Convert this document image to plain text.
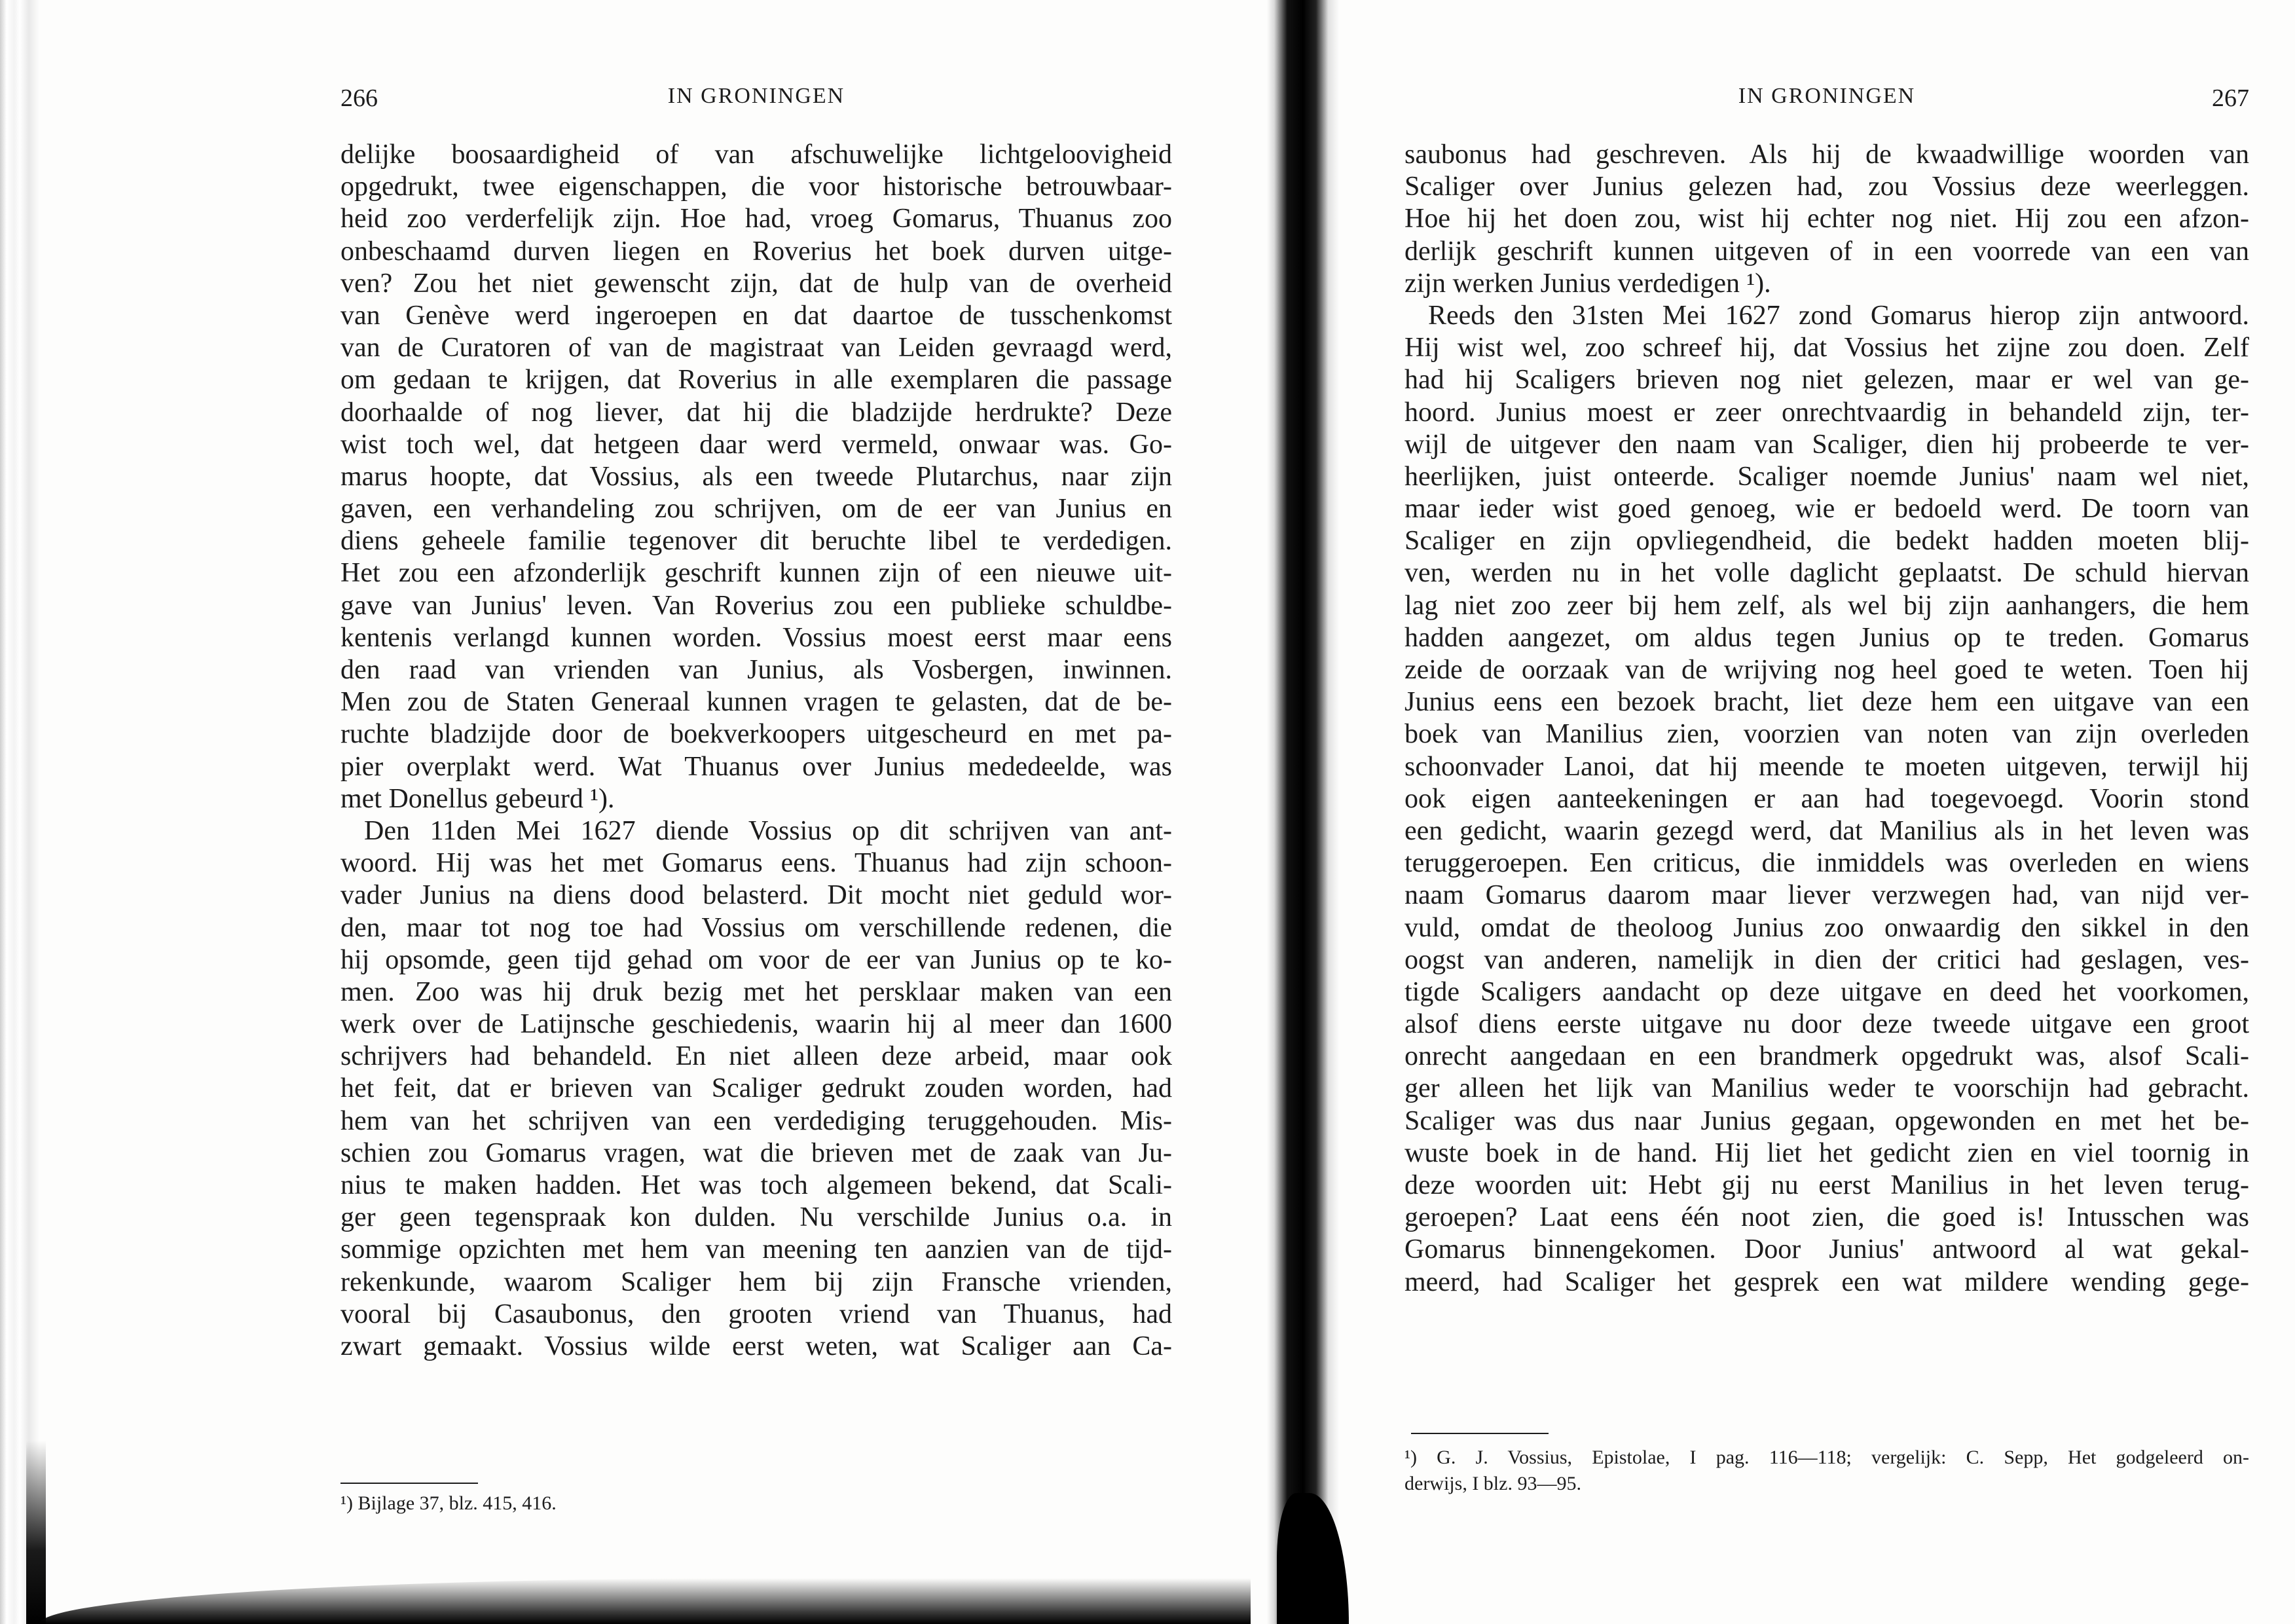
266	IN GRONINGEN
delijke boosaardigheid of van afschuwelijke lichtgeloovigheid
opgedrukt, twee eigenschappen, die voor historische betrouwbaar-
heid zoo verderfelijk zijn. Hoe had, vroeg Gomarus, Thuanus zoo
onbeschaamd durven liegen en Roverius het boek durven uitge-
ven? Zou het niet gewenscht zijn, dat de hulp van de overheid
van Genève werd ingeroepen en dat daartoe de tusschenkomst
van de Curatoren of van de magistraat van Leiden gevraagd werd,
om gedaan te krijgen, dat Roverius in alle exemplaren die passage
doorhaalde of nog liever, dat hij die bladzijde herdrukte? Deze
wist toch wel, dat hetgeen daar werd vermeld, onwaar was. Go-
marus hoopte, dat Vossius, als een tweede Plutarchus, naar zijn
gaven, een verhandeling zou schrijven, om de eer van Junius en
diens geheele familie tegenover dit beruchte libel te verdedigen.
Het zou een afzonderlijk geschrift kunnen zijn of een nieuwe uit-
gave van Junius' leven. Van Roverius zou een publieke schuldbe-
kentenis verlangd kunnen worden. Vossius moest eerst maar eens
den raad van vrienden van Junius, als Vosbergen, inwinnen.
Men zou de Staten Generaal kunnen vragen te gelasten, dat de be-
ruchte bladzijde door de boekverkoopers uitgescheurd en met pa-
pier overplakt werd. Wat Thuanus over Junius mededeelde, was
met Donellus gebeurd ¹).
Den 11den Mei 1627 diende Vossius op dit schrijven van ant-
woord. Hij was het met Gomarus eens. Thuanus had zijn schoon-
vader Junius na diens dood belasterd. Dit mocht niet geduld wor-
den, maar tot nog toe had Vossius om verschillende redenen, die
hij opsomde, geen tijd gehad om voor de eer van Junius op te ko-
men. Zoo was hij druk bezig met het persklaar maken van een
werk over de Latijnsche geschiedenis, waarin hij al meer dan 1600
schrijvers had behandeld. En niet alleen deze arbeid, maar ook
het feit, dat er brieven van Scaliger gedrukt zouden worden, had
hem van het schrijven van een verdediging teruggehouden. Mis-
schien zou Gomarus vragen, wat die brieven met de zaak van Ju-
nius te maken hadden. Het was toch algemeen bekend, dat Scali-
ger geen tegenspraak kon dulden. Nu verschilde Junius o.a. in
sommige opzichten met hem van meening ten aanzien van de tijd-
rekenkunde, waarom Scaliger hem bij zijn Fransche vrienden,
vooral bij Casaubonus, den grooten vriend van Thuanus, had
zwart gemaakt. Vossius wilde eerst weten, wat Scaliger aan Ca-
¹) Bijlage 37, blz. 415, 416.
IN GRONINGEN	267
saubonus had geschreven. Als hij de kwaadwillige woorden van
Scaliger over Junius gelezen had, zou Vossius deze weerleggen.
Hoe hij het doen zou, wist hij echter nog niet. Hij zou een afzon-
derlijk geschrift kunnen uitgeven of in een voorrede van een van
zijn werken Junius verdedigen ¹).
Reeds den 31sten Mei 1627 zond Gomarus hierop zijn antwoord.
Hij wist wel, zoo schreef hij, dat Vossius het zijne zou doen. Zelf
had hij Scaligers brieven nog niet gelezen, maar er wel van ge-
hoord. Junius moest er zeer onrechtvaardig in behandeld zijn, ter-
wijl de uitgever den naam van Scaliger, dien hij probeerde te ver-
heerlijken, juist onteerde. Scaliger noemde Junius' naam wel niet,
maar ieder wist goed genoeg, wie er bedoeld werd. De toorn van
Scaliger en zijn opvliegendheid, die bedekt hadden moeten blij-
ven, werden nu in het volle daglicht geplaatst. De schuld hiervan
lag niet zoo zeer bij hem zelf, als wel bij zijn aanhangers, die hem
hadden aangezet, om aldus tegen Junius op te treden. Gomarus
zeide de oorzaak van de wrijving nog heel goed te weten. Toen hij
Junius eens een bezoek bracht, liet deze hem een uitgave van een
boek van Manilius zien, voorzien van noten van zijn overleden
schoonvader Lanoi, dat hij meende te moeten uitgeven, terwijl hij
ook eigen aanteekeningen er aan had toegevoegd. Voorin stond
een gedicht, waarin gezegd werd, dat Manilius als in het leven was
teruggeroepen. Een criticus, die inmiddels was overleden en wiens
naam Gomarus daarom maar liever verzwegen had, van nijd ver-
vuld, omdat de theoloog Junius zoo onwaardig den sikkel in den
oogst van anderen, namelijk in dien der critici had geslagen, ves-
tigde Scaligers aandacht op deze uitgave en deed het voorkomen,
alsof diens eerste uitgave nu door deze tweede uitgave een groot
onrecht aangedaan en een brandmerk opgedrukt was, alsof Scali-
ger alleen het lijk van Manilius weder te voorschijn had gebracht.
Scaliger was dus naar Junius gegaan, opgewonden en met het be-
wuste boek in de hand. Hij liet het gedicht zien en viel toornig in
deze woorden uit: Hebt gij nu eerst Manilius in het leven terug-
geroepen? Laat eens één noot zien, die goed is! Intusschen was
Gomarus binnengekomen. Door Junius' antwoord al wat gekal-
meerd, had Scaliger het gesprek een wat mildere wending gege-
¹) G. J. Vossius, Epistolae, I pag. 116—118; vergelijk: C. Sepp, Het godgeleerd on-
derwijs, I blz. 93—95.
